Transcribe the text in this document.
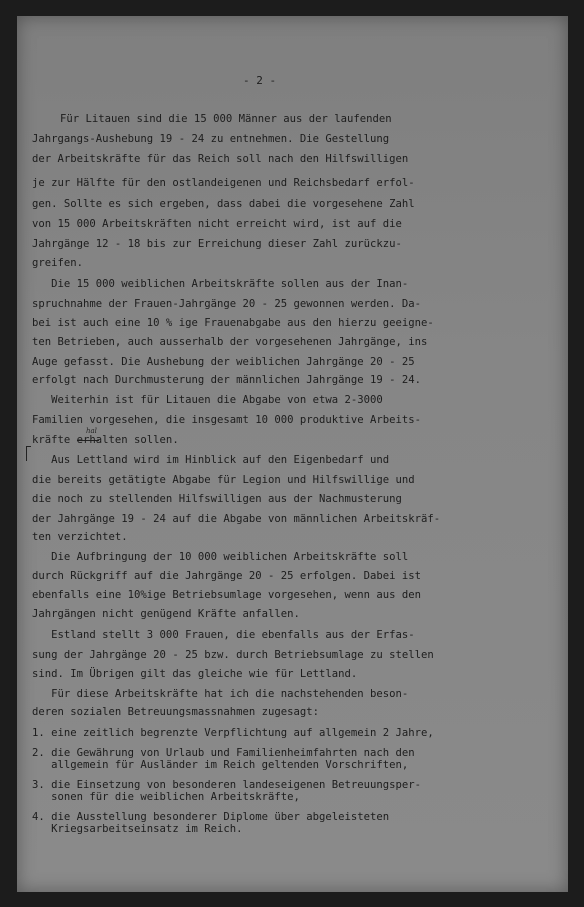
- 2 -
hal

Für Litauen sind die 15 000 Männer aus der laufenden

Jahrgangs-Aushebung 19 - 24 zu entnehmen. Die Gestellung

der Arbeitskräfte für das Reich soll nach den Hilfswilligen

je zur Hälfte für den ostlandeigenen und Reichsbedarf erfol-

gen. Sollte es sich ergeben, dass dabei die vorgesehene Zahl

von 15 000 Arbeitskräften nicht erreicht wird, ist auf die

Jahrgänge 12 - 18 bis zur Erreichung dieser Zahl zurückzu-

greifen.

Die 15 000 weiblichen Arbeitskräfte sollen aus der Inan-

spruchnahme der Frauen-Jahrgänge 20 - 25 gewonnen werden. Da-

bei ist auch eine 10 % ige Frauenabgabe aus den hierzu geeigne-

ten Betrieben, auch ausserhalb der vorgesehenen Jahrgänge, ins

Auge gefasst. Die Aushebung der weiblichen Jahrgänge 20 - 25

erfolgt nach Durchmusterung der männlichen Jahrgänge 19 - 24.

Weiterhin ist für Litauen die Abgabe von etwa 2-3000

Familien vorgesehen, die insgesamt 10 000 produktive Arbeits-

kräfte erhalten sollen.

Aus Lettland wird im Hinblick auf den Eigenbedarf und

die bereits getätigte Abgabe für Legion und Hilfswillige und

die noch zu stellenden Hilfswilligen aus der Nachmusterung

der Jahrgänge 19 - 24 auf die Abgabe von männlichen Arbeitskräf-

ten verzichtet.

Die Aufbringung der 10 000 weiblichen Arbeitskräfte soll

durch Rückgriff auf die Jahrgänge 20 - 25 erfolgen. Dabei ist

ebenfalls eine 10%ige Betriebsumlage vorgesehen, wenn aus den

Jahrgängen nicht genügend Kräfte anfallen.

Estland stellt 3 000 Frauen, die ebenfalls aus der Erfas-

sung der Jahrgänge 20 - 25 bzw. durch Betriebsumlage zu stellen

sind. Im Übrigen gilt das gleiche wie für Lettland.

Für diese Arbeitskräfte hat ich die nachstehenden beson-

deren sozialen Betreuungsmassnahmen zugesagt:

1. eine zeitlich begrenzte Verpflichtung auf allgemein 2 Jahre,

2. die Gewährung von Urlaub und Familienheimfahrten nach den

allgemein für Ausländer im Reich geltenden Vorschriften,

3. die Einsetzung von besonderen landeseigenen Betreuungsper-

sonen für die weiblichen Arbeitskräfte,

4. die Ausstellung besonderer Diplome über abgeleisteten

Kriegsarbeitseinsatz im Reich.
